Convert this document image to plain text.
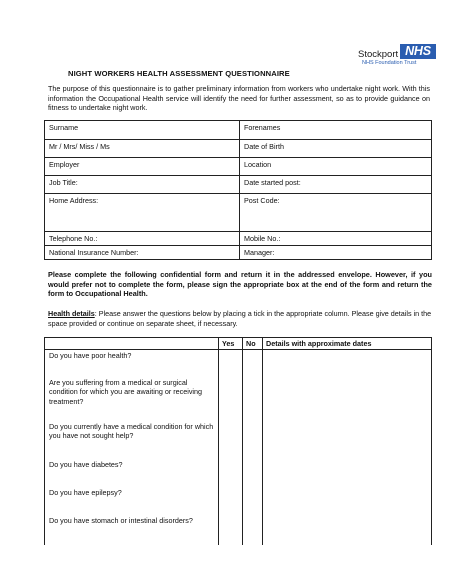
Stockport NHS
NHS Foundation Trust
NIGHT WORKERS HEALTH ASSESSMENT QUESTIONNAIRE
The purpose of this questionnaire is to gather preliminary information from workers who undertake night work. With this information the Occupational Health service will identify the need for further assessment, so as to provide guidance on fitness to undertake night work.
Surname	Forenames
Mr / Mrs/ Miss / Ms	Date of Birth
Employer	Location
Job Title:	Date started post:
Home Address:	Post Code:
Telephone No.:	Mobile No.:
National Insurance Number:	Manager:
Please complete the following confidential form and return it in the addressed envelope. However, if you would prefer not to complete the form, please sign the appropriate box at the end of the form and return the form to Occupational Health.
Health details: Please answer the questions below by placing a tick in the appropriate column. Please give details in the space provided or continue on separate sheet, if necessary.
	Yes	No	Details with approximate dates

Do you have poor health?			

Are you suffering from a medical or surgical condition for which you are awaiting or receiving treatment?			

Do you currently have a medical condition for which you have not sought help?			

Do you have diabetes?			

Do you have epilepsy?			

Do you have stomach or intestinal disorders?			
